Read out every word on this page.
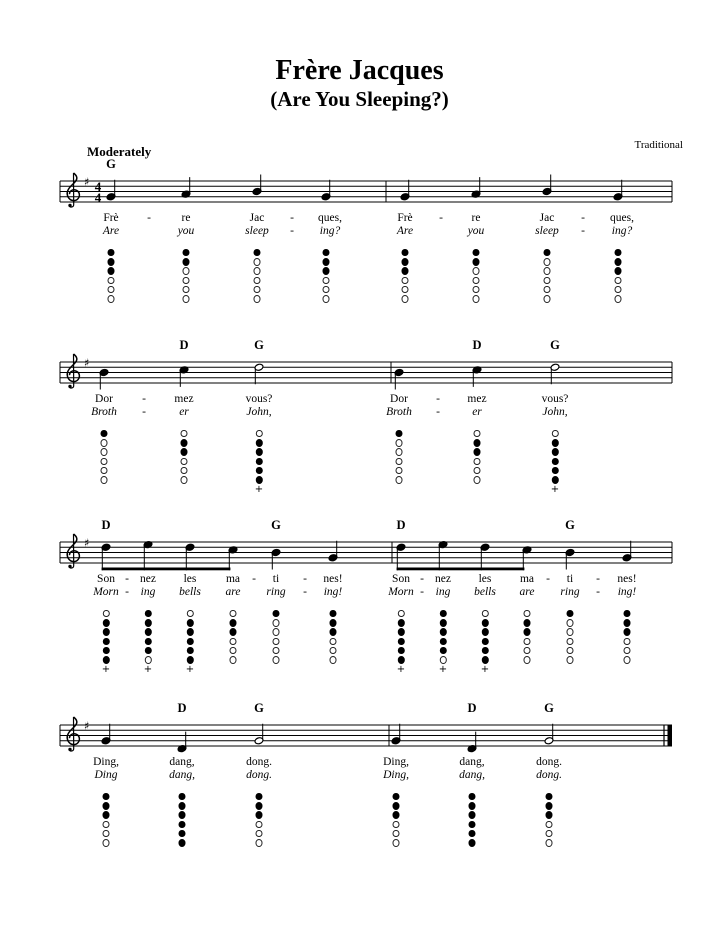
Frère Jacques
(Are You Sleeping?)
Moderately	Traditional
♯ 4
4
G
♯
D	G	D	G
♯
D	G	D	G
♯
D	G	D	G
Frè -	re	Jac - ques,	Frè - re	Jac - ques,
Are	you	sleep - ing?	Are	you	sleep - ing?
Dor	- mez	vous?	Dor - mez	vous?
Broth -	er	John,	Broth -	er	John,
+	+
Son - nez les	ma - ti - nes!	Son - nez les ma - ti - nes!
Morn - ing bells are ring - ing!	Morn - ing bells are ring - ing!
+	+	+	+	+	+
Ding,	dang,	dong.	Ding,	dang,	dong.
Ding	dang,	dong.	Ding,	dang,	dong.
